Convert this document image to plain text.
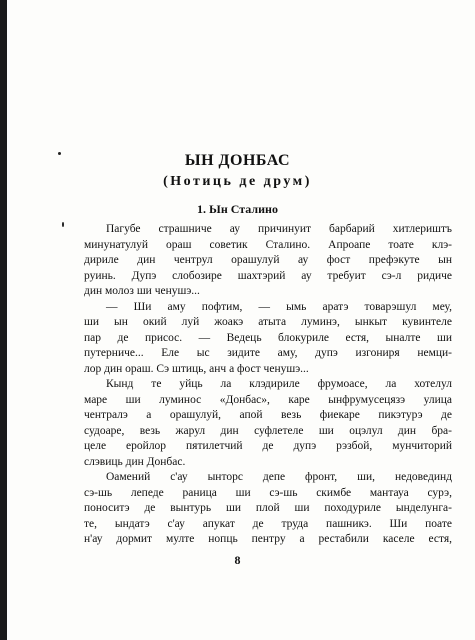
ЫН ДОНБАС
(Нотиць де друм)
1. Ын Сталино
Пагубе страшниче ау причинуит барбарий хитлериштъ
минунатулуй ораш советик Сталино. Апроапе тоате клэ-
дириле дин чентрул орашулуй ау фост префэкуте ын
руинь. Дупэ слобозире шахтэрий ау требуит сэ-л ридиче
дин молоз ши ченушэ...
— Ши аму пофтим, — ымь аратэ товарэшул меу,
ши ын окий луй жоакэ атыта луминэ, ынкыт кувинтеле
пар де присос. — Ведець блокуриле естя, ыналте ши
путерниче... Еле ыс зидите аму, дупэ изгониря немци-
лор дин ораш. Сэ штиць, анч а фост ченушэ...
Кынд те уйць ла клэдириле фрумоасе, ла хотелул
маре ши луминос «Донбас», каре ынфрумусецязэ улица
чентралэ а орашулуй, апой везь фиекаре пикэтурэ де
судоаре, везь жарул дин суфлетеле ши оцэлул дин бра-
целе еройлор пятилетчий де дупэ рэзбой, мунчиторий
слэвиць дин Донбас.
Оамений с'ау ынторс депе фронт, ши, недовединд
сэ-шь лепеде раница ши сэ-шь скимбе мантауа сурэ,
поноситэ де вынтурь ши плой ши походуриле ынделунга-
те, ындатэ с'ау апукат де труда пашникэ. Ши поате
н'ау дормит мулте нопць пентру а рестабили каселе естя,
8
